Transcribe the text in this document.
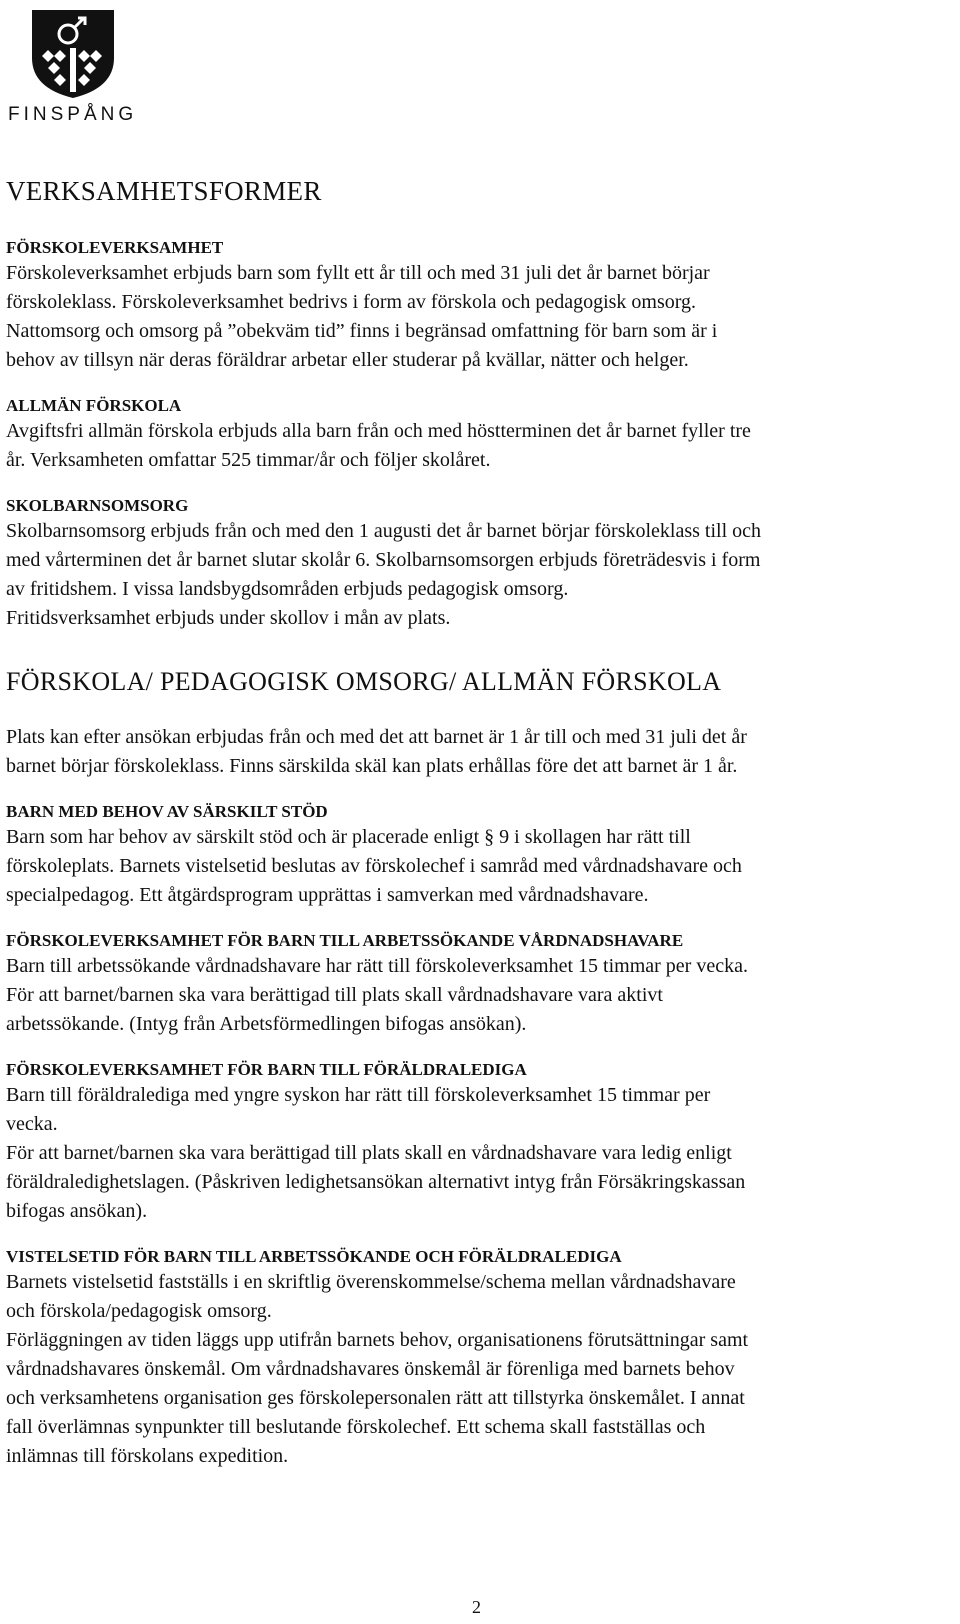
FINSPÅNG
VERKSAMHETSFORMER
FÖRSKOLEVERKSAMHET
Förskoleverksamhet erbjuds barn som fyllt ett år till och med 31 juli det år barnet börjar
förskoleklass. Förskoleverksamhet bedrivs i form av förskola och pedagogisk omsorg.
Nattomsorg och omsorg på ”obekväm tid” finns i begränsad omfattning för barn som är i
behov av tillsyn när deras föräldrar arbetar eller studerar på kvällar, nätter och helger.
ALLMÄN FÖRSKOLA
Avgiftsfri allmän förskola erbjuds alla barn från och med höstterminen det år barnet fyller tre
år. Verksamheten omfattar 525 timmar/år och följer skolåret.
SKOLBARNSOMSORG
Skolbarnsomsorg erbjuds från och med den 1 augusti det år barnet börjar förskoleklass till och
med vårterminen det år barnet slutar skolår 6. Skolbarnsomsorgen erbjuds företrädesvis i form
av fritidshem. I vissa landsbygdsområden erbjuds pedagogisk omsorg.
Fritidsverksamhet erbjuds under skollov i mån av plats.
FÖRSKOLA/ PEDAGOGISK OMSORG/ ALLMÄN FÖRSKOLA
Plats kan efter ansökan erbjudas från och med det att barnet är 1 år till och med 31 juli det år
barnet börjar förskoleklass. Finns särskilda skäl kan plats erhållas före det att barnet är 1 år.
BARN MED BEHOV AV SÄRSKILT STÖD
Barn som har behov av särskilt stöd och är placerade enligt § 9 i skollagen har rätt till
förskoleplats. Barnets vistelsetid beslutas av förskolechef i samråd med vårdnadshavare och
specialpedagog. Ett åtgärdsprogram upprättas i samverkan med vårdnadshavare.
FÖRSKOLEVERKSAMHET FÖR BARN TILL ARBETSSÖKANDE VÅRDNADSHAVARE
Barn till arbetssökande vårdnadshavare har rätt till förskoleverksamhet 15 timmar per vecka.
För att barnet/barnen ska vara berättigad till plats skall vårdnadshavare vara aktivt
arbetssökande. (Intyg från Arbetsförmedlingen bifogas ansökan).
FÖRSKOLEVERKSAMHET FÖR BARN TILL FÖRÄLDRALEDIGA
Barn till föräldralediga med yngre syskon har rätt till förskoleverksamhet 15 timmar per
vecka.
För att barnet/barnen ska vara berättigad till plats skall en vårdnadshavare vara ledig enligt
föräldraledighetslagen. (Påskriven ledighetsansökan alternativt intyg från Försäkringskassan
bifogas ansökan).
VISTELSETID FÖR BARN TILL ARBETSSÖKANDE OCH FÖRÄLDRALEDIGA
Barnets vistelsetid fastställs i en skriftlig överenskommelse/schema mellan vårdnadshavare
och förskola/pedagogisk omsorg.
Förläggningen av tiden läggs upp utifrån barnets behov, organisationens förutsättningar samt
vårdnadshavares önskemål. Om vårdnadshavares önskemål är förenliga med barnets behov
och verksamhetens organisation ges förskolepersonalen rätt att tillstyrka önskemålet. I annat
fall överlämnas synpunkter till beslutande förskolechef. Ett schema skall fastställas och
inlämnas till förskolans expedition.
2
